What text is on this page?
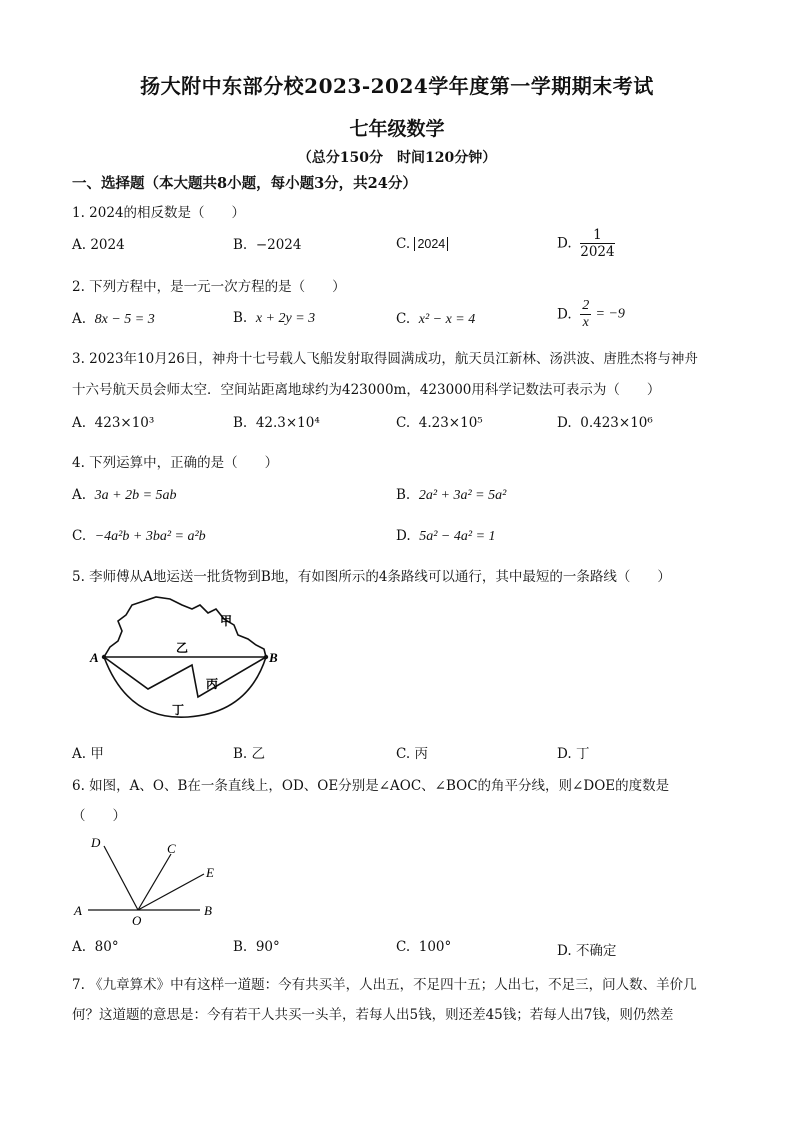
扬大附中东部分校2023-2024学年度第一学期期末考试
七年级数学
（总分150分　时间120分钟）
一、选择题（本大题共8小题，每小题3分，共24分）
1. 2024的相反数是（　　）
A. 2024	B. −2024	C. 2024	D. $\frac{1}{2024}$
2. 下列方程中，是一元一次方程的是（　　）
A. 8x − 5 = 3	B. x + 2y = 3	C. x² − x = 4	D. $\frac{2}{x} = -9$
3. 2023年10月26日，神舟十七号载人飞船发射取得圆满成功，航天员江新林、汤洪波、唐胜杰将与神舟
十六号航天员会师太空．空间站距离地球约为423000m，423000用科学记数法可表示为（　　）
A. 423×10³	B. 42.3×10⁴	C. 4.23×10⁵	D. 0.423×10⁶
4. 下列运算中，正确的是（　　）
A. 3a + 2b = 5ab	B. 2a² + 3a² = 5a²
C. −4a²b + 3ba² = a²b	D. 5a² − 4a² = 1
5. 李师傅从A地运送一批货物到B地，有如图所示的4条路线可以通行，其中最短的一条路线（　　）
A	B
甲
乙
丙
丁
A. 甲	B. 乙	C. 丙	D. 丁
6. 如图，A、O、B在一条直线上，OD、OE分别是∠AOC、∠BOC的角平分线，则∠DOE的度数是
（　　）
A
O
B
C
D
E
A. 80°	B. 90°	C. 100°	D. 不确定
7. 《九章算术》中有这样一道题：今有共买羊，人出五，不足四十五；人出七，不足三，问人数、羊价几
何？这道题的意思是：今有若干人共买一头羊，若每人出5钱，则还差45钱；若每人出7钱，则仍然差
